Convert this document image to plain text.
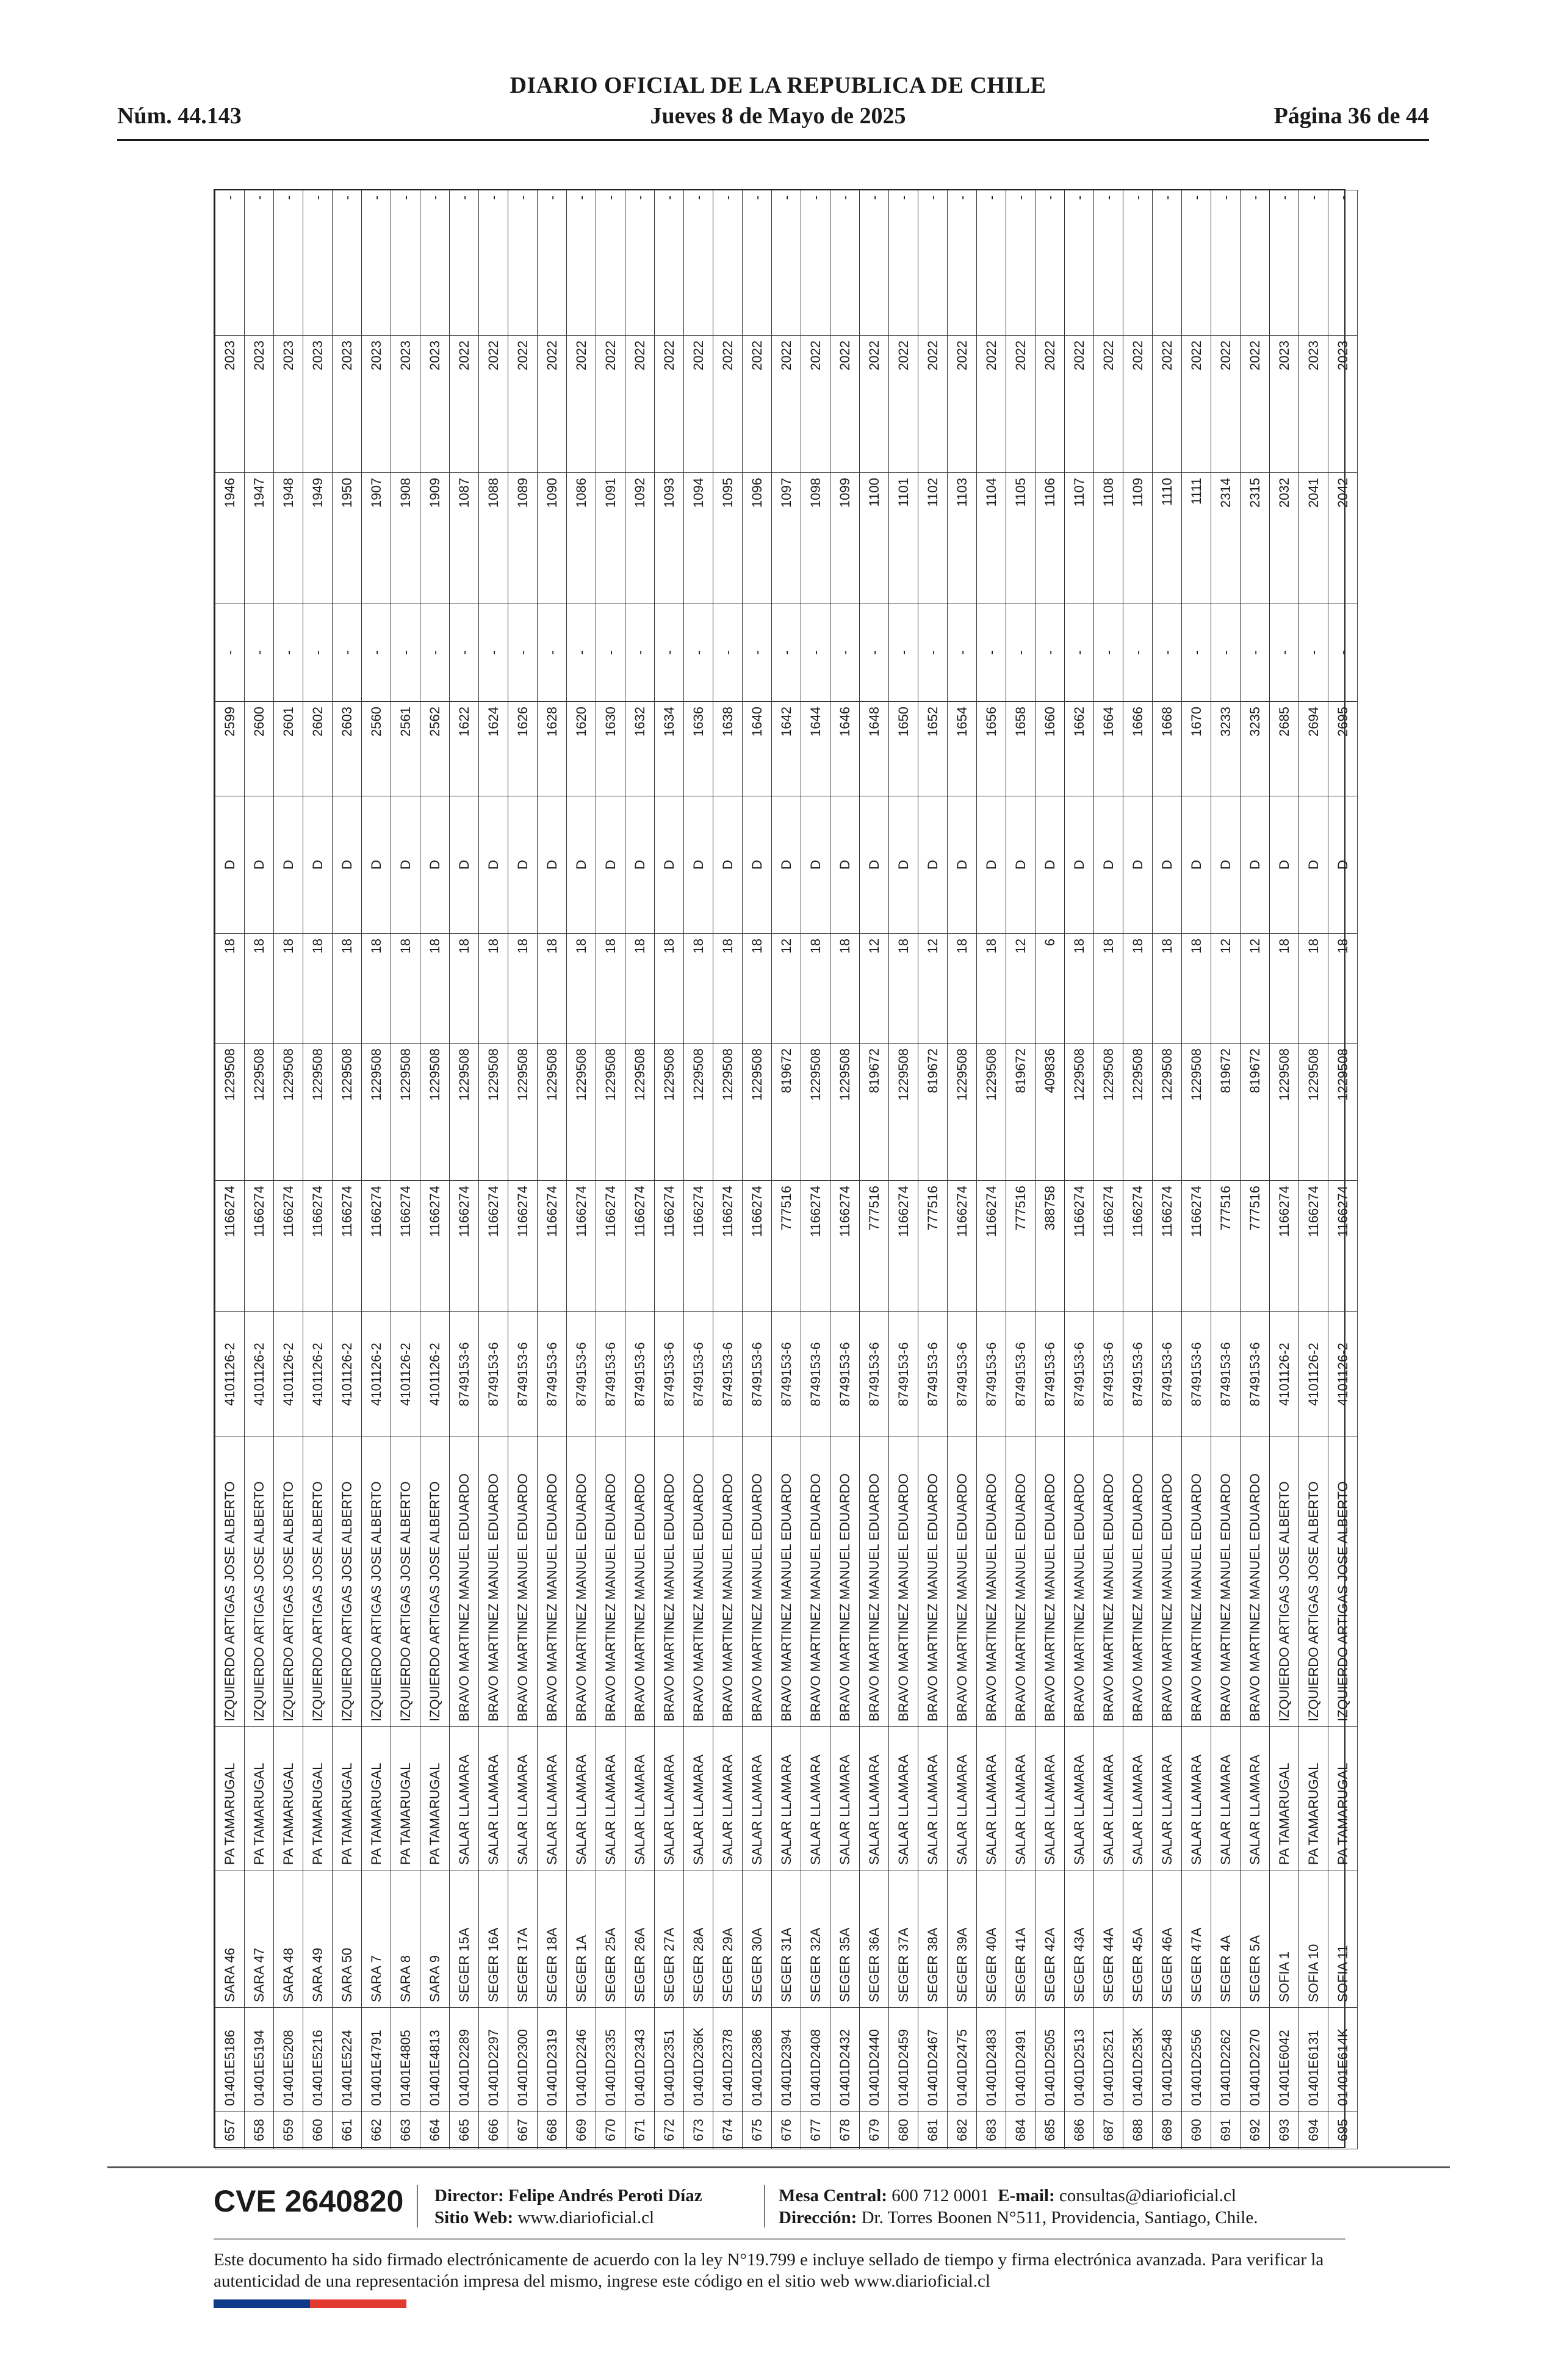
DIARIO OFICIAL DE LA REPUBLICA DE CHILE
Núm. 44.143	Jueves 8 de Mayo de 2025	Página 36 de 44
657	01401E5186	SARA 46	PA TAMARUGAL	IZQUIERDO ARTIGAS JOSE ALBERTO	4101126-2	1166274	1229508	18	D	2599	-	1946	2023	-
658	01401E5194	SARA 47	PA TAMARUGAL	IZQUIERDO ARTIGAS JOSE ALBERTO	4101126-2	1166274	1229508	18	D	2600	-	1947	2023	-
659	01401E5208	SARA 48	PA TAMARUGAL	IZQUIERDO ARTIGAS JOSE ALBERTO	4101126-2	1166274	1229508	18	D	2601	-	1948	2023	-
660	01401E5216	SARA 49	PA TAMARUGAL	IZQUIERDO ARTIGAS JOSE ALBERTO	4101126-2	1166274	1229508	18	D	2602	-	1949	2023	-
661	01401E5224	SARA 50	PA TAMARUGAL	IZQUIERDO ARTIGAS JOSE ALBERTO	4101126-2	1166274	1229508	18	D	2603	-	1950	2023	-
662	01401E4791	SARA 7	PA TAMARUGAL	IZQUIERDO ARTIGAS JOSE ALBERTO	4101126-2	1166274	1229508	18	D	2560	-	1907	2023	-
663	01401E4805	SARA 8	PA TAMARUGAL	IZQUIERDO ARTIGAS JOSE ALBERTO	4101126-2	1166274	1229508	18	D	2561	-	1908	2023	-
664	01401E4813	SARA 9	PA TAMARUGAL	IZQUIERDO ARTIGAS JOSE ALBERTO	4101126-2	1166274	1229508	18	D	2562	-	1909	2023	-
665	01401D2289	SEGER 15A	SALAR LLAMARA	BRAVO MARTINEZ MANUEL EDUARDO	8749153-6	1166274	1229508	18	D	1622	-	1087	2022	-
666	01401D2297	SEGER 16A	SALAR LLAMARA	BRAVO MARTINEZ MANUEL EDUARDO	8749153-6	1166274	1229508	18	D	1624	-	1088	2022	-
667	01401D2300	SEGER 17A	SALAR LLAMARA	BRAVO MARTINEZ MANUEL EDUARDO	8749153-6	1166274	1229508	18	D	1626	-	1089	2022	-
668	01401D2319	SEGER 18A	SALAR LLAMARA	BRAVO MARTINEZ MANUEL EDUARDO	8749153-6	1166274	1229508	18	D	1628	-	1090	2022	-
669	01401D2246	SEGER 1A	SALAR LLAMARA	BRAVO MARTINEZ MANUEL EDUARDO	8749153-6	1166274	1229508	18	D	1620	-	1086	2022	-
670	01401D2335	SEGER 25A	SALAR LLAMARA	BRAVO MARTINEZ MANUEL EDUARDO	8749153-6	1166274	1229508	18	D	1630	-	1091	2022	-
671	01401D2343	SEGER 26A	SALAR LLAMARA	BRAVO MARTINEZ MANUEL EDUARDO	8749153-6	1166274	1229508	18	D	1632	-	1092	2022	-
672	01401D2351	SEGER 27A	SALAR LLAMARA	BRAVO MARTINEZ MANUEL EDUARDO	8749153-6	1166274	1229508	18	D	1634	-	1093	2022	-
673	01401D236K	SEGER 28A	SALAR LLAMARA	BRAVO MARTINEZ MANUEL EDUARDO	8749153-6	1166274	1229508	18	D	1636	-	1094	2022	-
674	01401D2378	SEGER 29A	SALAR LLAMARA	BRAVO MARTINEZ MANUEL EDUARDO	8749153-6	1166274	1229508	18	D	1638	-	1095	2022	-
675	01401D2386	SEGER 30A	SALAR LLAMARA	BRAVO MARTINEZ MANUEL EDUARDO	8749153-6	1166274	1229508	18	D	1640	-	1096	2022	-
676	01401D2394	SEGER 31A	SALAR LLAMARA	BRAVO MARTINEZ MANUEL EDUARDO	8749153-6	777516	819672	12	D	1642	-	1097	2022	-
677	01401D2408	SEGER 32A	SALAR LLAMARA	BRAVO MARTINEZ MANUEL EDUARDO	8749153-6	1166274	1229508	18	D	1644	-	1098	2022	-
678	01401D2432	SEGER 35A	SALAR LLAMARA	BRAVO MARTINEZ MANUEL EDUARDO	8749153-6	1166274	1229508	18	D	1646	-	1099	2022	-
679	01401D2440	SEGER 36A	SALAR LLAMARA	BRAVO MARTINEZ MANUEL EDUARDO	8749153-6	777516	819672	12	D	1648	-	1100	2022	-
680	01401D2459	SEGER 37A	SALAR LLAMARA	BRAVO MARTINEZ MANUEL EDUARDO	8749153-6	1166274	1229508	18	D	1650	-	1101	2022	-
681	01401D2467	SEGER 38A	SALAR LLAMARA	BRAVO MARTINEZ MANUEL EDUARDO	8749153-6	777516	819672	12	D	1652	-	1102	2022	-
682	01401D2475	SEGER 39A	SALAR LLAMARA	BRAVO MARTINEZ MANUEL EDUARDO	8749153-6	1166274	1229508	18	D	1654	-	1103	2022	-
683	01401D2483	SEGER 40A	SALAR LLAMARA	BRAVO MARTINEZ MANUEL EDUARDO	8749153-6	1166274	1229508	18	D	1656	-	1104	2022	-
684	01401D2491	SEGER 41A	SALAR LLAMARA	BRAVO MARTINEZ MANUEL EDUARDO	8749153-6	777516	819672	12	D	1658	-	1105	2022	-
685	01401D2505	SEGER 42A	SALAR LLAMARA	BRAVO MARTINEZ MANUEL EDUARDO	8749153-6	388758	409836	6	D	1660	-	1106	2022	-
686	01401D2513	SEGER 43A	SALAR LLAMARA	BRAVO MARTINEZ MANUEL EDUARDO	8749153-6	1166274	1229508	18	D	1662	-	1107	2022	-
687	01401D2521	SEGER 44A	SALAR LLAMARA	BRAVO MARTINEZ MANUEL EDUARDO	8749153-6	1166274	1229508	18	D	1664	-	1108	2022	-
688	01401D253K	SEGER 45A	SALAR LLAMARA	BRAVO MARTINEZ MANUEL EDUARDO	8749153-6	1166274	1229508	18	D	1666	-	1109	2022	-
689	01401D2548	SEGER 46A	SALAR LLAMARA	BRAVO MARTINEZ MANUEL EDUARDO	8749153-6	1166274	1229508	18	D	1668	-	1110	2022	-
690	01401D2556	SEGER 47A	SALAR LLAMARA	BRAVO MARTINEZ MANUEL EDUARDO	8749153-6	1166274	1229508	18	D	1670	-	1111	2022	-
691	01401D2262	SEGER 4A	SALAR LLAMARA	BRAVO MARTINEZ MANUEL EDUARDO	8749153-6	777516	819672	12	D	3233	-	2314	2022	-
692	01401D2270	SEGER 5A	SALAR LLAMARA	BRAVO MARTINEZ MANUEL EDUARDO	8749153-6	777516	819672	12	D	3235	-	2315	2022	-
693	01401E6042	SOFIA 1	PA TAMARUGAL	IZQUIERDO ARTIGAS JOSE ALBERTO	4101126-2	1166274	1229508	18	D	2685	-	2032	2023	-
694	01401E6131	SOFIA 10	PA TAMARUGAL	IZQUIERDO ARTIGAS JOSE ALBERTO	4101126-2	1166274	1229508	18	D	2694	-	2041	2023	-
695	01401E614K	SOFIA 11	PA TAMARUGAL	IZQUIERDO ARTIGAS JOSE ALBERTO	4101126-2	1166274	1229508	18	D	2695	-	2042	2023	-
CVE 2640820 Director: Felipe Andrés Peroti Díaz
Sitio Web: www.diarioficial.cl
Mesa Central: 600 712 0001 E-mail: consultas@diarioficial.cl
Dirección: Dr. Torres Boonen N°511, Providencia, Santiago, Chile.
Este documento ha sido firmado electrónicamente de acuerdo con la ley N°19.799 e incluye sellado de tiempo y firma electrónica avanzada. Para verificar la autenticidad de una representación impresa del mismo, ingrese este código en el sitio web www.diarioficial.cl
